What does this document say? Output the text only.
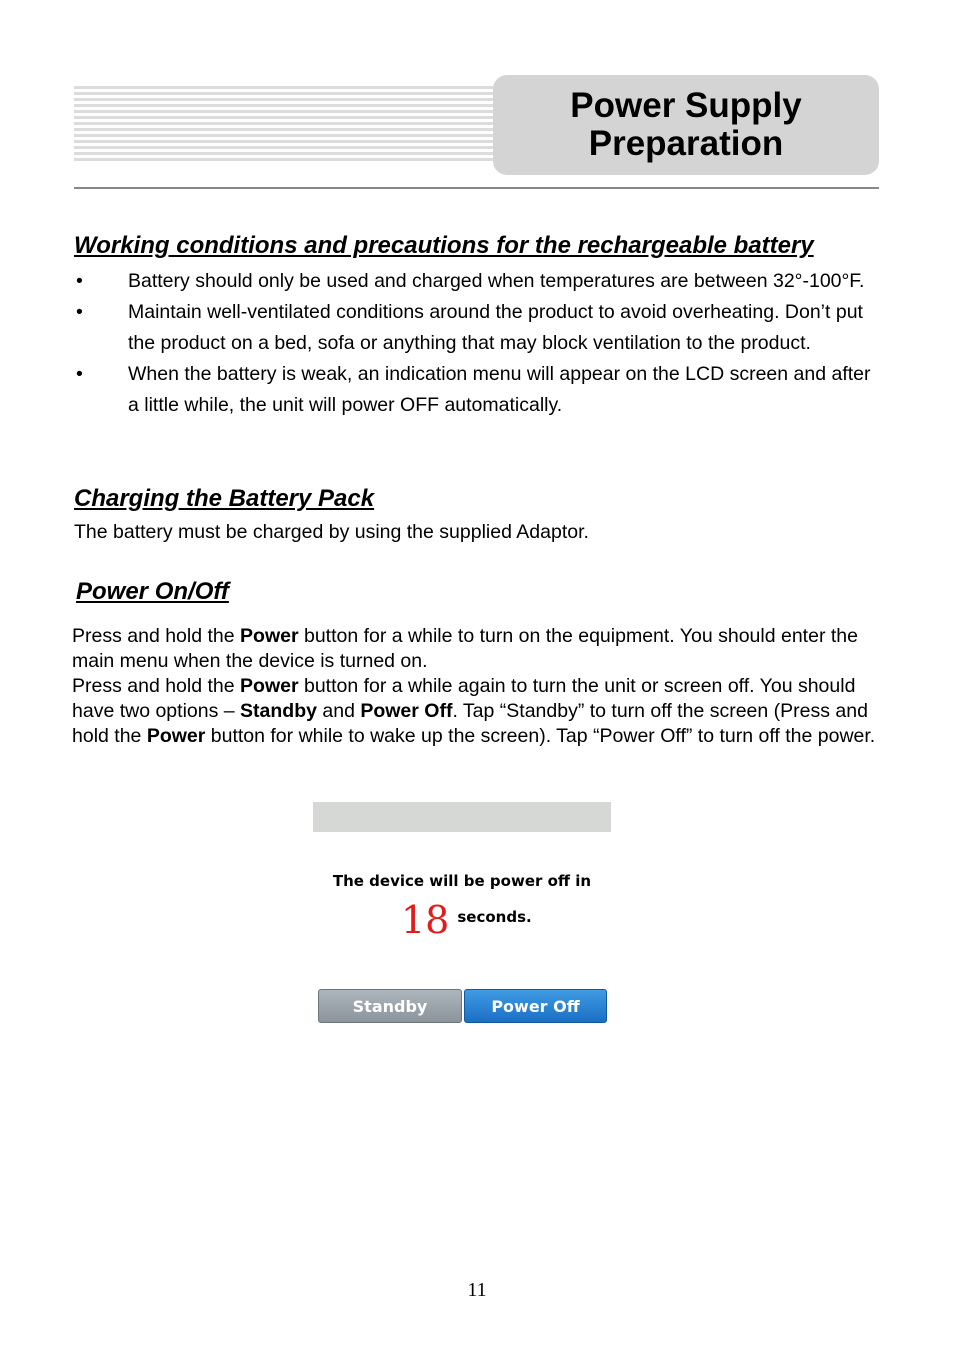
Power Supply Preparation
Working conditions and precautions for the rechargeable battery
• Battery should only be used and charged when temperatures are between 32°-100°F.
• Maintain well-ventilated conditions around the product to avoid overheating. Don’t put the product on a bed, sofa or anything that may block ventilation to the product.
• When the battery is weak, an indication menu will appear on the LCD screen and after a little while, the unit will power OFF automatically.
Charging the Battery Pack
The battery must be charged by using the supplied Adaptor.
Power On/Off
Press and hold the Power button for a while to turn on the equipment. You should enter the main menu when the device is turned on.
Press and hold the Power button for a while again to turn the unit or screen off. You should have two options – Standby and Power Off. Tap “Standby” to turn off the screen (Press and hold the Power button for while to wake up the screen). Tap “Power Off” to turn off the power.
The device will be power off in
18 seconds.
Standby	Power Off
11
